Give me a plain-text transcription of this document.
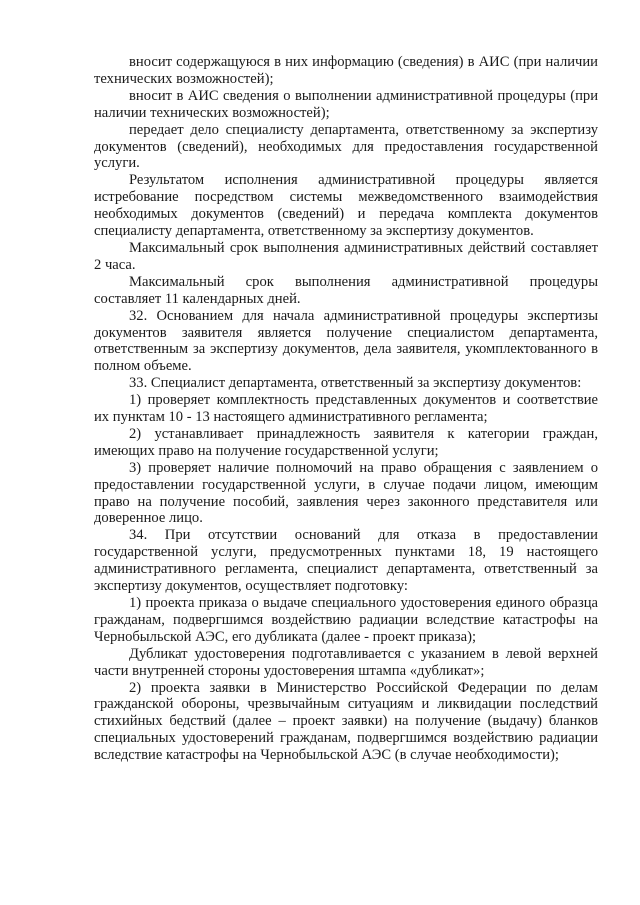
вносит содержащуюся в них информацию (сведения) в АИС (при наличии технических возможностей);

вносит в АИС сведения о выполнении административной процедуры (при наличии технических возможностей);

передает дело специалисту департамента, ответственному за экспертизу документов (сведений), необходимых для предоставления государственной услуги.

Результатом исполнения административной процедуры является истребование посредством системы межведомственного взаимодействия необходимых документов (сведений) и передача комплекта документов специалисту департамента, ответственному за экспертизу документов.

Максимальный срок выполнения административных действий составляет 2 часа.

Максимальный срок выполнения административной процедуры составляет 11 календарных дней.

32. Основанием для начала административной процедуры экспертизы документов заявителя является получение специалистом департамента, ответственным за экспертизу документов, дела заявителя, укомплектованного в полном объеме.

33. Специалист департамента, ответственный за экспертизу документов:

1) проверяет комплектность представленных документов и соответствие их пунктам 10 - 13 настоящего административного регламента;

2) устанавливает принадлежность заявителя к категории граждан, имеющих право на получение государственной услуги;

3) проверяет наличие полномочий на право обращения с заявлением о предоставлении государственной услуги, в случае подачи лицом, имеющим право на получение пособий, заявления через законного представителя или доверенное лицо.

34. При отсутствии оснований для отказа в предоставлении государственной услуги, предусмотренных пунктами 18, 19 настоящего административного регламента, специалист департамента, ответственный за экспертизу документов, осуществляет подготовку:

1) проекта приказа о выдаче специального удостоверения единого образца гражданам, подвергшимся воздействию радиации вследствие катастрофы на Чернобыльской АЭС, его дубликата (далее - проект приказа);

Дубликат удостоверения подготавливается с указанием в левой верхней части внутренней стороны удостоверения штампа «дубликат»;

2) проекта заявки в Министерство Российской Федерации по делам гражданской обороны, чрезвычайным ситуациям и ликвидации последствий стихийных бедствий (далее – проект заявки) на получение (выдачу) бланков специальных удостоверений гражданам, подвергшимся воздействию радиации вследствие катастрофы на Чернобыльской АЭС (в случае необходимости);
